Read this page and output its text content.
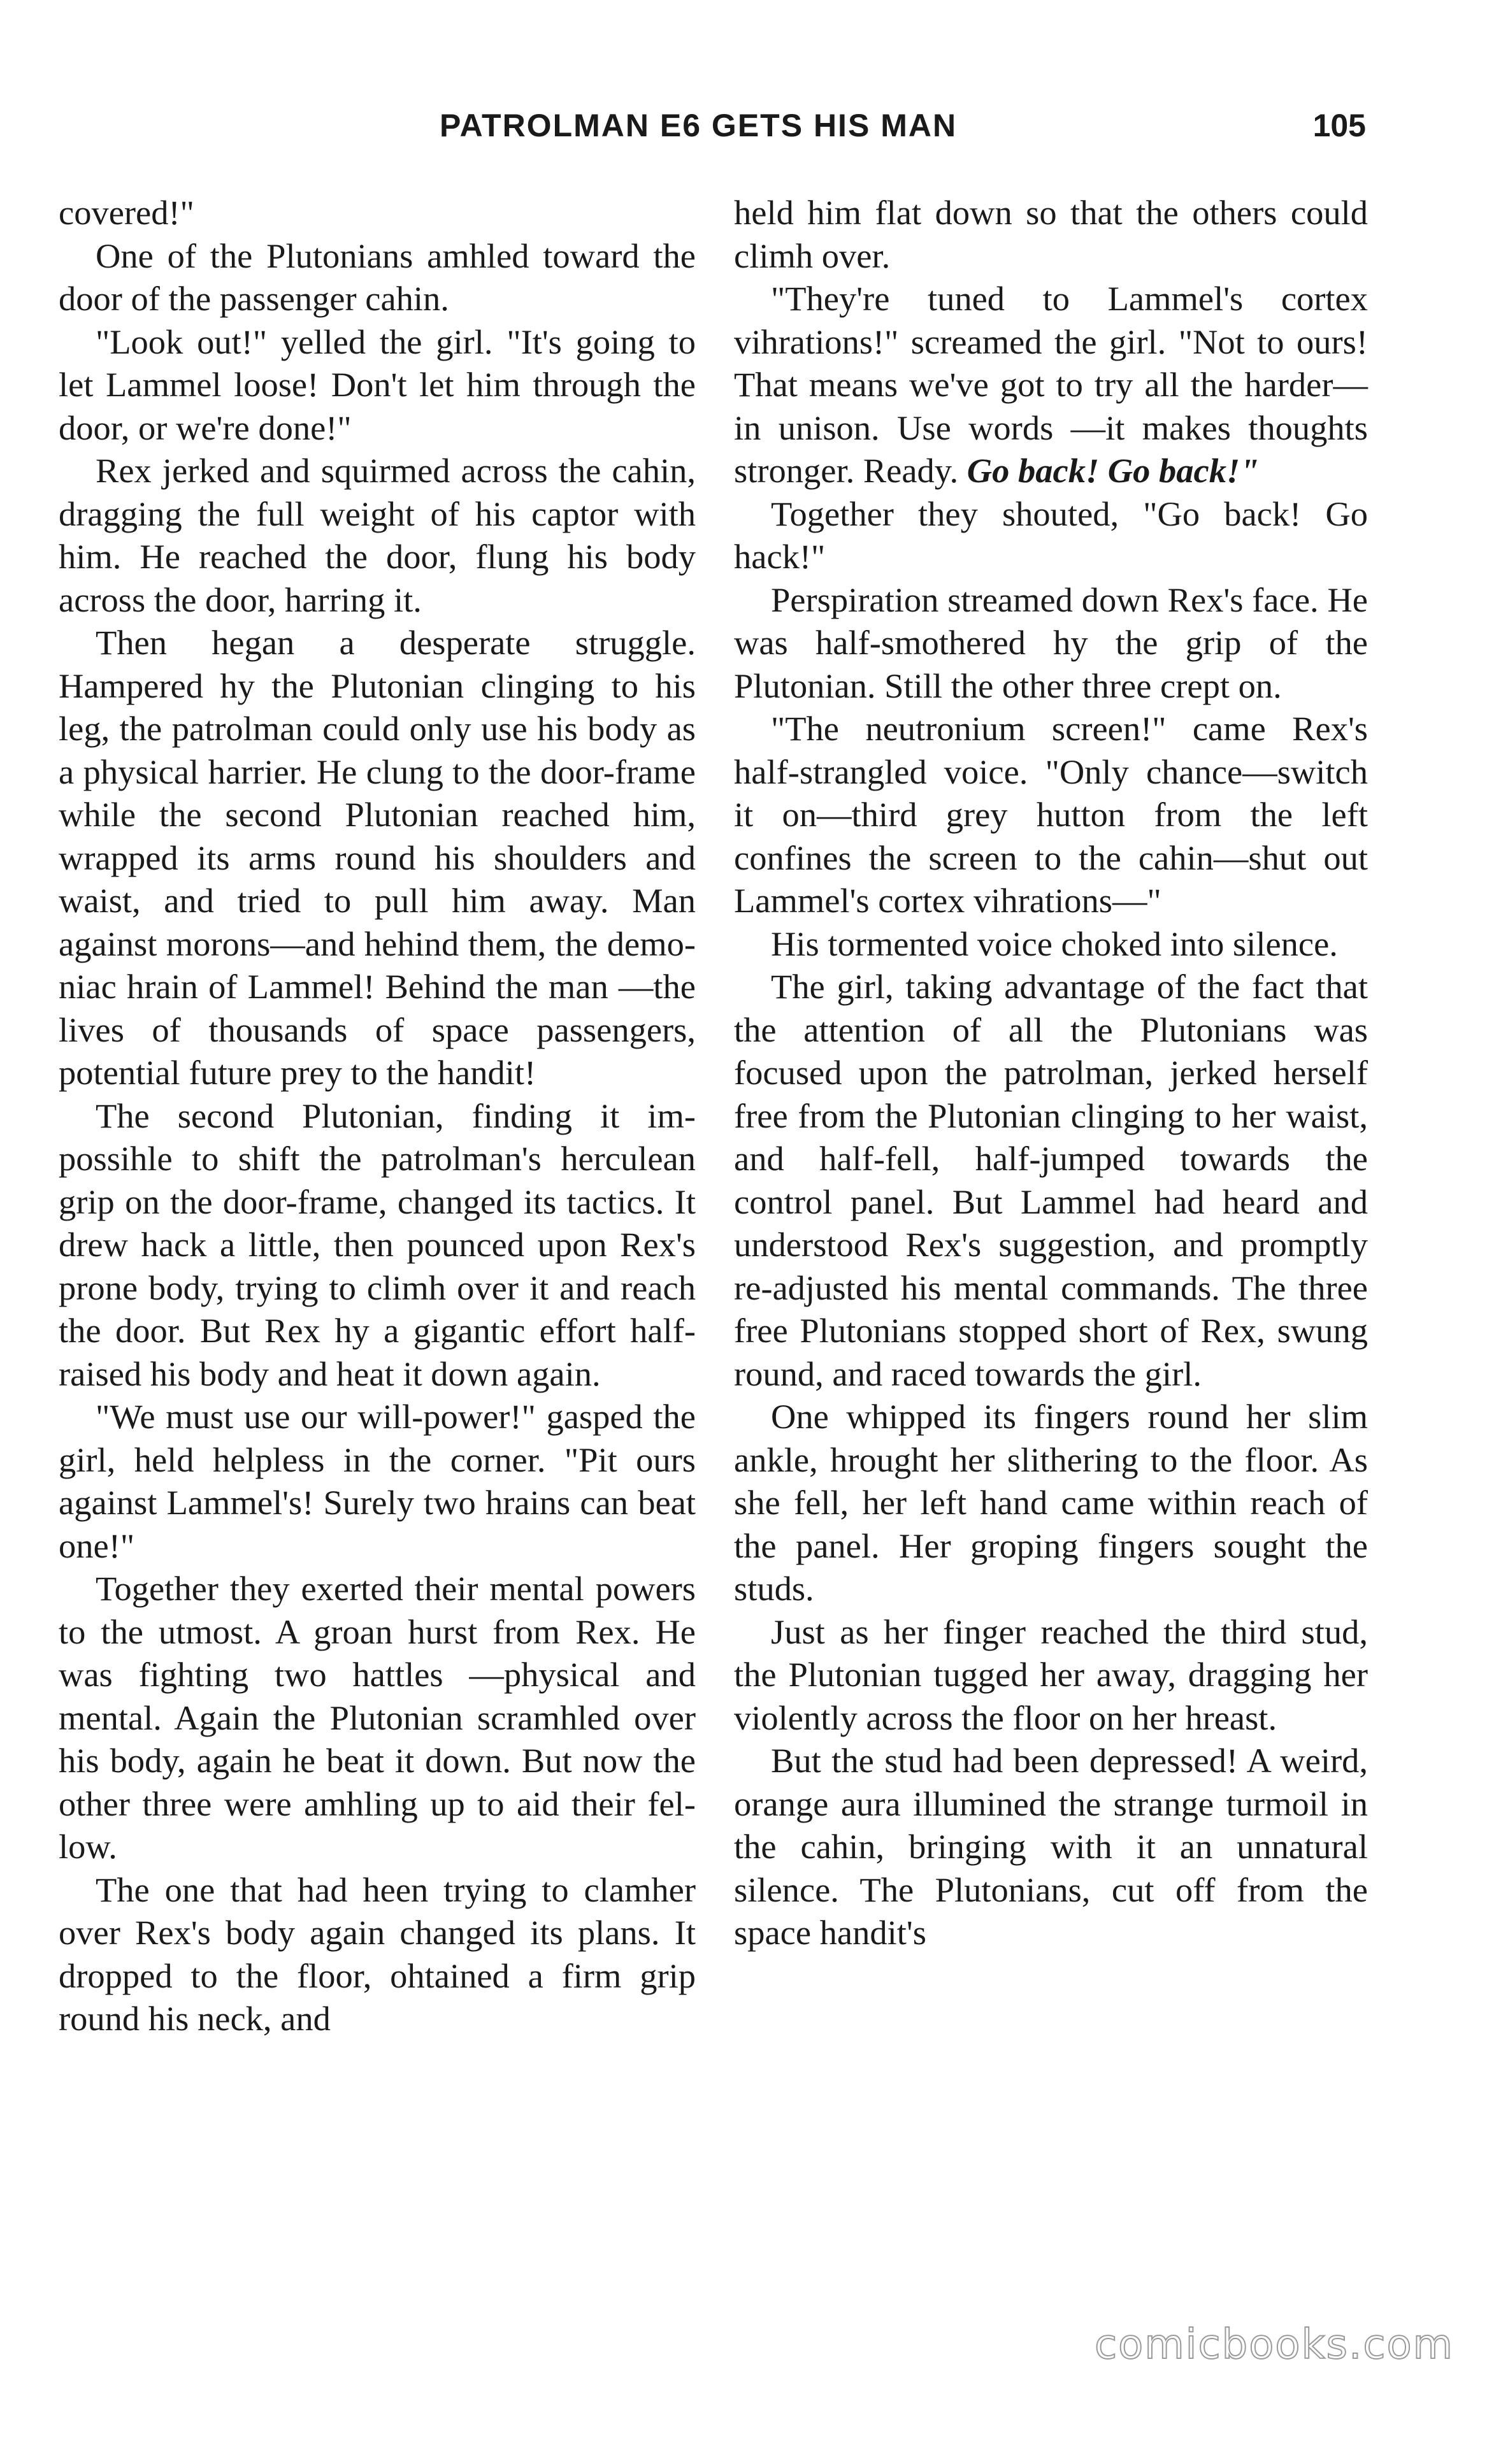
PATROLMAN E6 GETS HIS MAN	105

covered!"

One of the Plutonians amhled toward the door of the passenger cahin.

"Look out!" yelled the girl. "It's going to let Lammel loose! Don't let him through the door, or we're done!"

Rex jerked and squirmed across the cahin, dragging the full weight of his captor with him. He reached the door, flung his body across the door, harring it.

Then hegan a desperate struggle. Hampered hy the Plutonian clinging to his leg, the patrolman could only use his body as a physical harrier. He clung to the door-frame while the second Plutonian reached him, wrapped its arms round his shoulders and waist, and tried to pull him away. Man against morons—and hehind them, the demoniac hrain of Lammel! Behind the man —the lives of thousands of space passengers, potential future prey to the handit!

The second Plutonian, finding it impossihle to shift the patrolman's herculean grip on the door-frame, changed its tactics. It drew hack a little, then pounced upon Rex's prone body, trying to climh over it and reach the door. But Rex hy a gigantic effort half-raised his body and heat it down again.

"We must use our will-power!" gasped the girl, held helpless in the corner. "Pit ours against Lammel's! Surely two hrains can beat one!"

Together they exerted their mental powers to the utmost. A groan hurst from Rex. He was fighting two hattles —physical and mental. Again the Plutonian scramhled over his body, again he beat it down. But now the other three were amhling up to aid their fellow.

The one that had heen trying to clamher over Rex's body again changed its plans. It dropped to the floor, ohtained a firm grip round his neck, and

held him flat down so that the others could climh over.

"They're tuned to Lammel's cortex vihrations!" screamed the girl. "Not to ours! That means we've got to try all the harder—in unison. Use words —it makes thoughts stronger. Ready. Go back! Go back!"

Together they shouted, "Go back! Go hack!"

Perspiration streamed down Rex's face. He was half-smothered hy the grip of the Plutonian. Still the other three crept on.

"The neutronium screen!" came Rex's half-strangled voice. "Only chance—switch it on—third grey hutton from the left confines the screen to the cahin—shut out Lammel's cortex vihrations—"

His tormented voice choked into silence.

The girl, taking advantage of the fact that the attention of all the Plutonians was focused upon the patrolman, jerked herself free from the Plutonian clinging to her waist, and half-fell, half-jumped towards the control panel. But Lammel had heard and understood Rex's suggestion, and promptly re-adjusted his mental commands. The three free Plutonians stopped short of Rex, swung round, and raced towards the girl.

One whipped its fingers round her slim ankle, hrought her slithering to the floor. As she fell, her left hand came within reach of the panel. Her groping fingers sought the studs.

Just as her finger reached the third stud, the Plutonian tugged her away, dragging her violently across the floor on her hreast.

But the stud had been depressed! A weird, orange aura illumined the strange turmoil in the cahin, bringing with it an unnatural silence. The Plutonians, cut off from the space handit's

comicbooks.com
